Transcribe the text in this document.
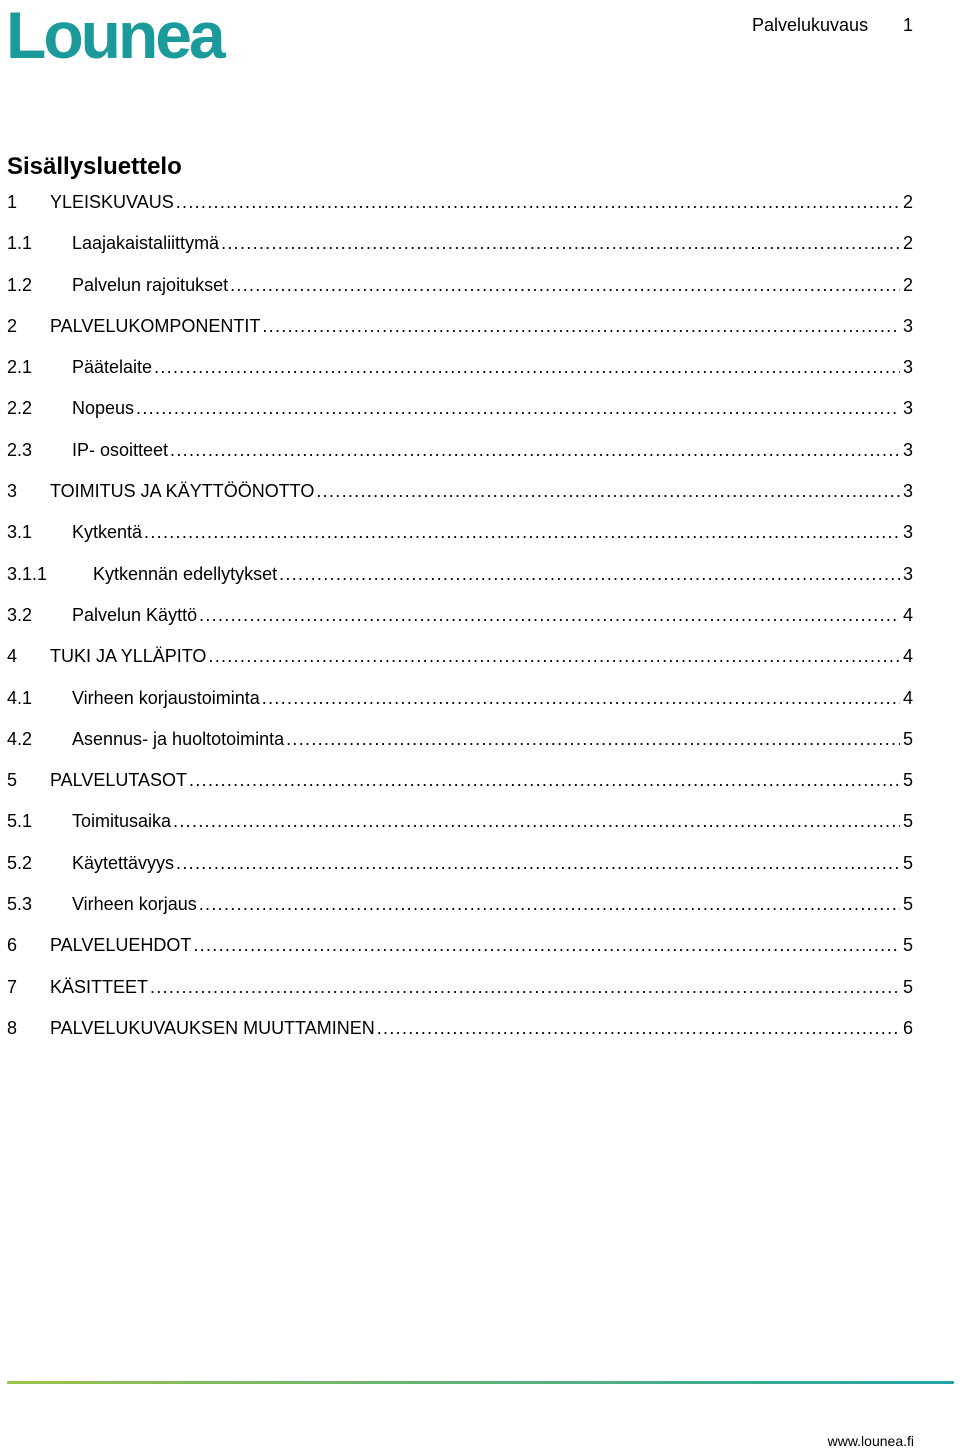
Lounea	Palvelukuvaus 1
Sisällysluettelo
1 YLEISKUVAUS .....	2
1.1 Laajakaistaliittymä .....	2
1.2 Palvelun rajoitukset .....	2
2 PALVELUKOMPONENTIT .....	3
2.1 Päätelaite .....	3
2.2 Nopeus .....	3
2.3 IP- osoitteet .....	3
3 TOIMITUS JA KÄYTTÖÖNOTTO .....	3
3.1 Kytkentä .....	3
3.1.1	Kytkennän edellytykset .....	3
3.2 Palvelun Käyttö .....	4
4 TUKI JA YLLÄPITO .....	4
4.1 Virheen korjaustoiminta .....	4
4.2 Asennus- ja huoltotoiminta .....	5
5 PALVELUTASOT .....	5
5.1 Toimitusaika .....	5
5.2 Käytettävyys .....	5
5.3 Virheen korjaus .....	5
6 PALVELUEHDOT .....	5
7 KÄSITTEET .....	5
8 PALVELUKUVAUKSEN MUUTTAMINEN .....	6
www.lounea.fi
